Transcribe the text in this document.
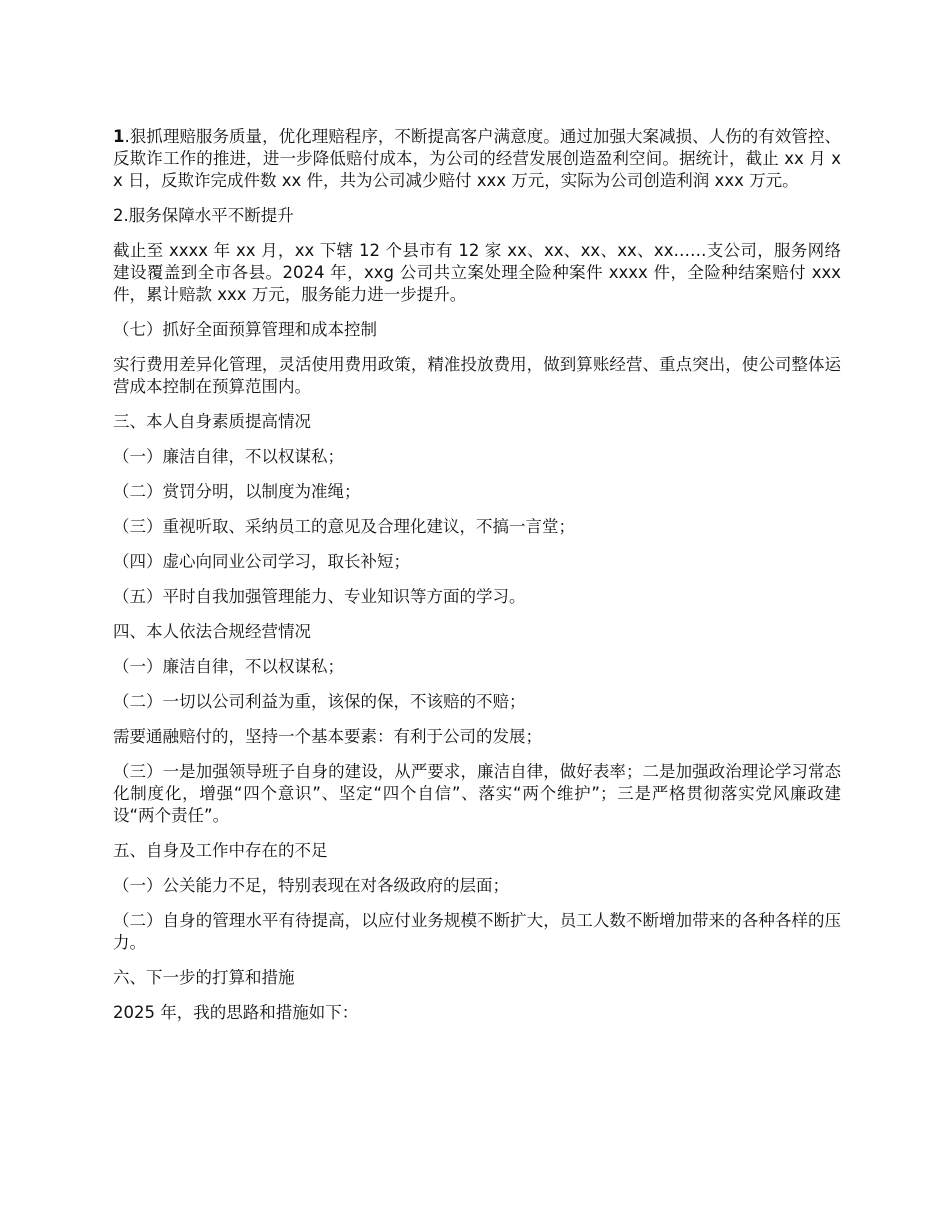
1.狠抓理赔服务质量，优化理赔程序，不断提高客户满意度。通过加强大案减损、人伤的有效管控、反欺诈工作的推进，进一步降低赔付成本，为公司的经营发展创造盈利空间。据统计，截止 xx 月 xx 日，反欺诈完成件数 xx 件，共为公司减少赔付 xxx 万元，实际为公司创造利润 xxx 万元。

2.服务保障水平不断提升

截止至 xxxx 年 xx 月，xx 下辖 12 个县市有 12 家 xx、xx、xx、xx、xx……支公司，服务网络建设覆盖到全市各县。2024 年，xxg 公司共立案处理全险种案件 xxxx 件，全险种结案赔付 xxx 件，累计赔款 xxx 万元，服务能力进一步提升。

（七）抓好全面预算管理和成本控制

实行费用差异化管理，灵活使用费用政策，精准投放费用，做到算账经营、重点突出，使公司整体运营成本控制在预算范围内。

三、本人自身素质提高情况

（一）廉洁自律，不以权谋私；

（二）赏罚分明，以制度为准绳；

（三）重视听取、采纳员工的意见及合理化建议，不搞一言堂；

（四）虚心向同业公司学习，取长补短；

（五）平时自我加强管理能力、专业知识等方面的学习。

四、本人依法合规经营情况

（一）廉洁自律，不以权谋私；

（二）一切以公司利益为重，该保的保，不该赔的不赔；

需要通融赔付的，坚持一个基本要素：有利于公司的发展；

（三）一是加强领导班子自身的建设，从严要求，廉洁自律，做好表率；二是加强政治理论学习常态化制度化，增强“四个意识”、坚定“四个自信”、落实“两个维护”；三是严格贯彻落实党风廉政建设“两个责任”。

五、自身及工作中存在的不足

（一）公关能力不足，特别表现在对各级政府的层面；

（二）自身的管理水平有待提高，以应付业务规模不断扩大，员工人数不断增加带来的各种各样的压力。

六、下一步的打算和措施

2025 年，我的思路和措施如下：
